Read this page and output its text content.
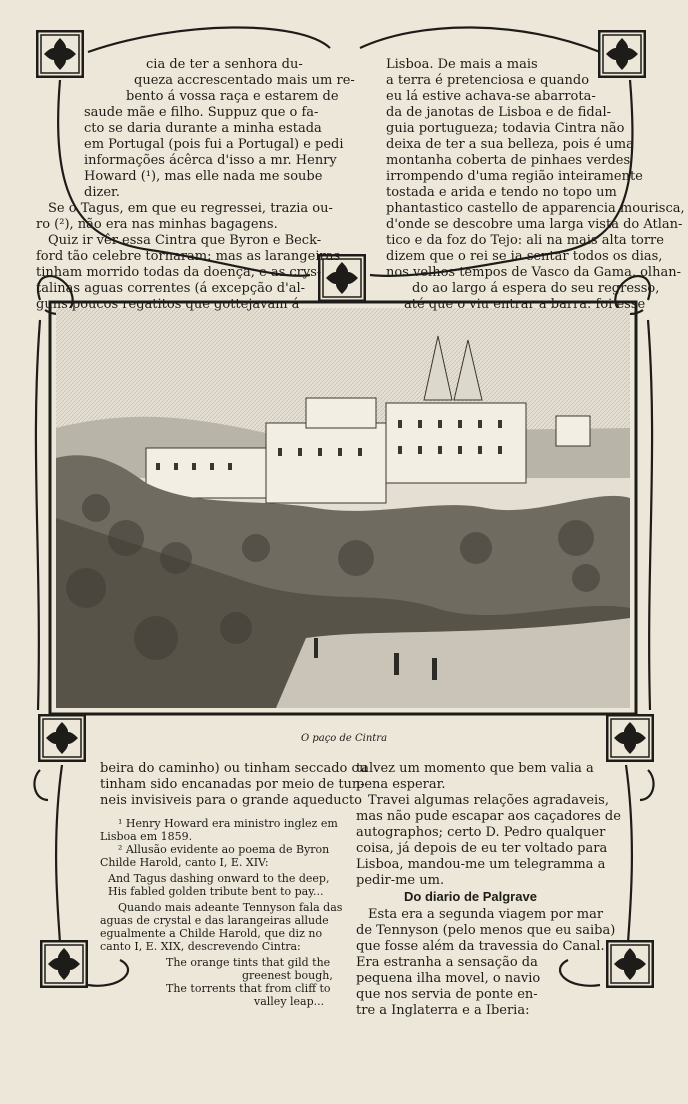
O paço de Cintra
cia de ter a senhora du-
queza accrescentado mais um re-
bento á vossa raça e estarem de
saude mãe e filho. Suppuz que o fa-
cto se daria durante a minha estada
em Portugal (pois fui a Portugal) e pedi
informações ácêrca d'isso a mr. Henry
Howard (¹), mas elle nada me soube
dizer.
Se o Tagus, em que eu regressei, trazia ou-
ro (²), não era nas minhas bagagens.
Quiz ir vêr essa Cintra que Byron e Beck-
ford tão celebre tornaram: mas as larangeiras
tinham morrido todas da doença, e as crys-
talinas aguas correntes (á excepção d'al-
guns poucos regatitos que gottejavam á
Lisboa. De mais a mais
a terra é pretenciosa e quando
eu lá estive achava-se abarrota-
da de janotas de Lisboa e de fidal-
guia portugueza; todavia Cintra não
deixa de ter a sua belleza, pois é uma
montanha coberta de pinhaes verdes
irrompendo d'uma região inteiramente
tostada e arida e tendo no topo um
phantastico castello de apparencia mourisca,
d'onde se descobre uma larga vista do Atlan-
tico e da foz do Tejo: ali na mais alta torre
dizem que o rei se ia sentar todos os dias,
nos velhos tempos de Vasco da Gama, olhan-
do ao largo á espera do seu regresso,
até que o viu entrar a barra: foi esse
beira do caminho) ou tinham seccado ou
tinham sido encanadas por meio de tun-
neis invisiveis para o grande aqueducto
¹ Henry Howard era ministro inglez em
Lisboa em 1859.
² Allusão evidente ao poema de Byron
Childe Harold, canto I, E. XIV:
And Tagus dashing onward to the deep,
His fabled golden tribute bent to pay...
Quando mais adeante Tennyson fala das
aguas de crystal e das larangeiras allude
egualmente a Childe Harold, que diz no
canto I, E. XIX, descrevendo Cintra:
The orange tints that gild the
greenest bough,
The torrents that from cliff to
valley leap...
talvez um momento que bem valia a
pena esperar.
Travei algumas relações agradaveis,
mas não pude escapar aos caçadores de
autographos; certo D. Pedro qualquer
coisa, já depois de eu ter voltado para
Lisboa, mandou-me um telegramma a
pedir-me um.
Do diario de Palgrave
Esta era a segunda viagem por mar
de Tennyson (pelo menos que eu saiba)
que fosse além da travessia do Canal.
Era estranha a sensação da
pequena ilha movel, o navio
que nos servia de ponte en-
tre a Inglaterra e a Iberia:
